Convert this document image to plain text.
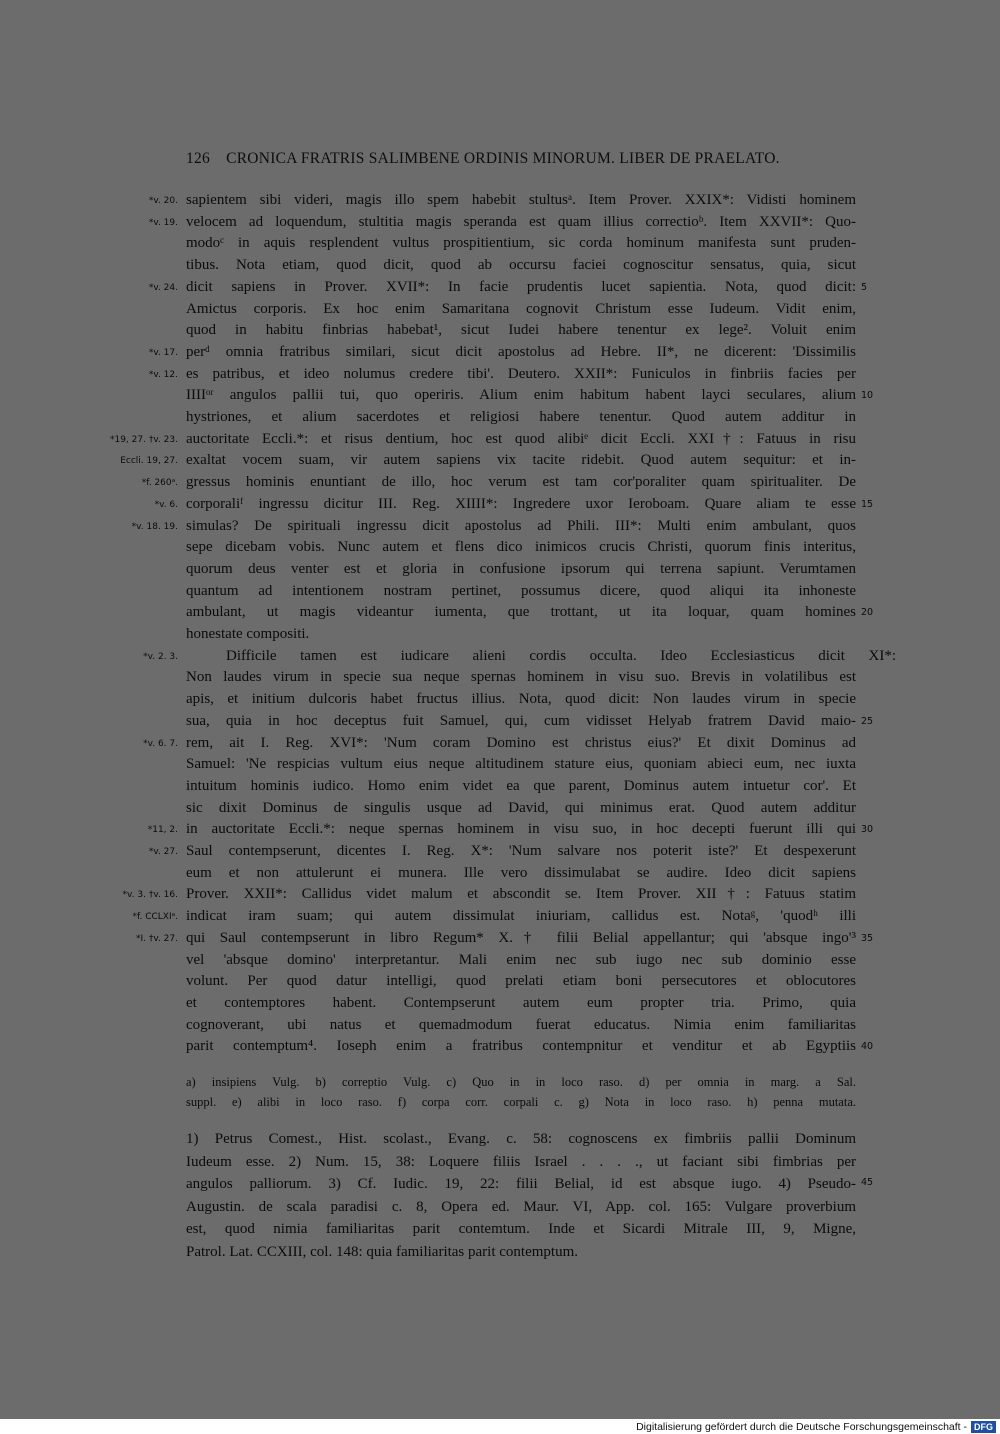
126 CRONICA FRATRIS SALIMBENE ORDINIS MINORUM. LIBER DE PRAELATO.
sapientem sibi videri, magis illo spem habebit stultusᵃ. Item Prover. XXIX*: Vidisti hominem
velocem ad loquendum, stultitia magis speranda est quam illius correctioᵇ. Item XXVII*: Quo-
modoᶜ in aquis resplendent vultus prospitientium, sic corda hominum manifesta sunt pruden-
tibus. Nota etiam, quod dicit, quod ab occursu faciei cognoscitur sensatus, quia, sicut
dicit sapiens in Prover. XVII*: In facie prudentis lucet sapientia. Nota, quod dicit:
Amictus corporis. Ex hoc enim Samaritana cognovit Christum esse Iudeum. Vidit enim,
quod in habitu finbrias habebat¹, sicut Iudei habere tenentur ex lege². Voluit enim
perᵈ omnia fratribus similari, sicut dicit apostolus ad Hebre. II*, ne dicerent: 'Dissimilis
es patribus, et ideo nolumus credere tibi'. Deutero. XXII*: Funiculos in finbriis facies per
IIIIᵒʳ angulos pallii tui, quo operiris. Alium enim habitum habent layci seculares, alium
hystriones, et alium sacerdotes et religiosi habere tenentur. Quod autem additur in
auctoritate Eccli.*: et risus dentium, hoc est quod alibiᵉ dicit Eccli. XXI†: Fatuus in risu
exaltat vocem suam, vir autem sapiens vix tacite ridebit. Quod autem sequitur: et in-
gressus hominis enuntiant de illo, hoc verum est tam cor'poraliter quam spiritualiter. De
corporaliᶠ ingressu dicitur III. Reg. XIIII*: Ingredere uxor Ieroboam. Quare aliam te esse
simulas? De spirituali ingressu dicit apostolus ad Phili. III*: Multi enim ambulant, quos
sepe dicebam vobis. Nunc autem et flens dico inimicos crucis Christi, quorum finis interitus,
quorum deus venter est et gloria in confusione ipsorum qui terrena sapiunt. Verumtamen
quantum ad intentionem nostram pertinet, possumus dicere, quod aliqui ita inhoneste
ambulant, ut magis videantur iumenta, que trottant, ut ita loquar, quam homines
honestate compositi.
Difficile tamen est iudicare alieni cordis occulta. Ideo Ecclesiasticus dicit XI*:
Non laudes virum in specie sua neque spernas hominem in visu suo. Brevis in volatilibus est
apis, et initium dulcoris habet fructus illius. Nota, quod dicit: Non laudes virum in specie
sua, quia in hoc deceptus fuit Samuel, qui, cum vidisset Helyab fratrem David maio-
rem, ait I. Reg. XVI*: 'Num coram Domino est christus eius?' Et dixit Dominus ad
Samuel: 'Ne respicias vultum eius neque altitudinem stature eius, quoniam abieci eum, nec iuxta
intuitum hominis iudico. Homo enim videt ea que parent, Dominus autem intuetur cor'. Et
sic dixit Dominus de singulis usque ad David, qui minimus erat. Quod autem additur
in auctoritate Eccli.*: neque spernas hominem in visu suo, in hoc decepti fuerunt illi qui
Saul contempserunt, dicentes I. Reg. X*: 'Num salvare nos poterit iste?' Et despexerunt
eum et non attulerunt ei munera. Ille vero dissimulabat se audire. Ideo dicit sapiens
Prover. XXII*: Callidus videt malum et abscondit se. Item Prover. XII†: Fatuus statim
indicat iram suam; qui autem dissimulat iniuriam, callidus est. Notaᵍ, 'quodʰ illi
qui Saul contempserunt in libro Regum* X.† filii Belial appellantur; qui 'absque ingo'³
vel 'absque domino' interpretantur. Mali enim nec sub iugo nec sub dominio esse
volunt. Per quod datur intelligi, quod prelati etiam boni persecutores et oblocutores
et contemptores habent. Contempserunt autem eum propter tria. Primo, quia
cognoverant, ubi natus et quemadmodum fuerat educatus. Nimia enim familiaritas
parit contemptum⁴. Ioseph enim a fratribus contempnitur et venditur et ab Egyptiis
*v. 20.
*v. 19.
*v. 24.
*v. 17.
*v. 12.
*19, 27. †v. 23.
Eccli. 19, 27.
*f. 260ᵃ.
*v. 6.
*v. 18. 19.
*v. 2. 3.
*v. 6. 7.
*11, 2.
*v. 27.
*v. 3. †v. 16.
*f. CCLXIᵃ.
*I. †v. 27.
5
10
15
20
25
30
35
40
a) insipiens Vulg. b) correptio Vulg. c) Quo in in loco raso. d) per omnia in marg. a Sal.
suppl. e) alibi in loco raso. f) corpa corr. corpali c. g) Nota in loco raso. h) penna mutata.
1) Petrus Comest., Hist. scolast., Evang. c. 58: cognoscens ex fimbriis pallii Dominum
Iudeum esse. 2) Num. 15, 38: Loquere filiis Israel . . . ., ut faciant sibi fimbrias per
angulos palliorum. 3) Cf. Iudic. 19, 22: filii Belial, id est absque iugo. 4) Pseudo-
Augustin. de scala paradisi c. 8, Opera ed. Maur. VI, App. col. 165: Vulgare proverbium
est, quod nimia familiaritas parit contemtum. Inde et Sicardi Mitrale III, 9, Migne,
Patrol. Lat. CCXIII, col. 148: quia familiaritas parit contemptum.
45
Digitalisierung gefördert durch die Deutsche Forschungsgemeinschaft - DFG
